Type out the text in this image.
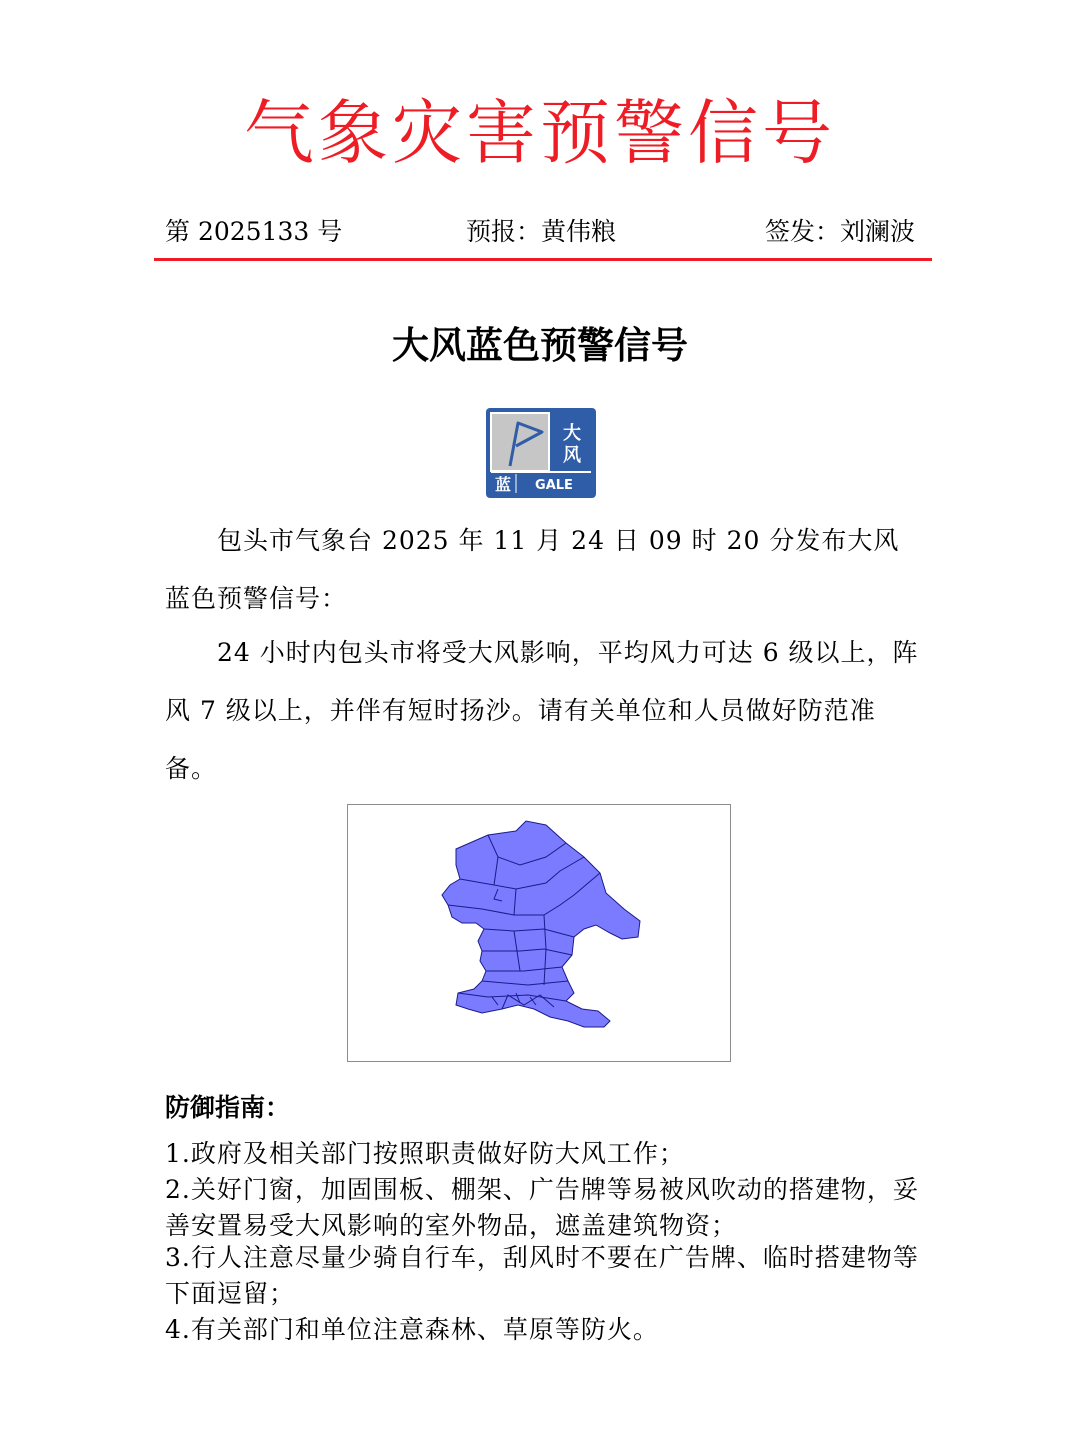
气象灾害预警信号
第 2025133 号	预报：黄伟粮	签发：刘澜波
大风蓝色预警信号
大
风
蓝 GALE
包头市气象台 2025 年 11 月 24 日 09 时 20 分发布大风蓝色预警信号：
24 小时内包头市将受大风影响，平均风力可达 6 级以上，阵风 7 级以上，并伴有短时扬沙。请有关单位和人员做好防范准备。
防御指南：
1.政府及相关部门按照职责做好防大风工作；
2.关好门窗，加固围板、棚架、广告牌等易被风吹动的搭建物，妥善安置易受大风影响的室外物品，遮盖建筑物资；
3.行人注意尽量少骑自行车，刮风时不要在广告牌、临时搭建物等下面逗留；
4.有关部门和单位注意森林、草原等防火。
